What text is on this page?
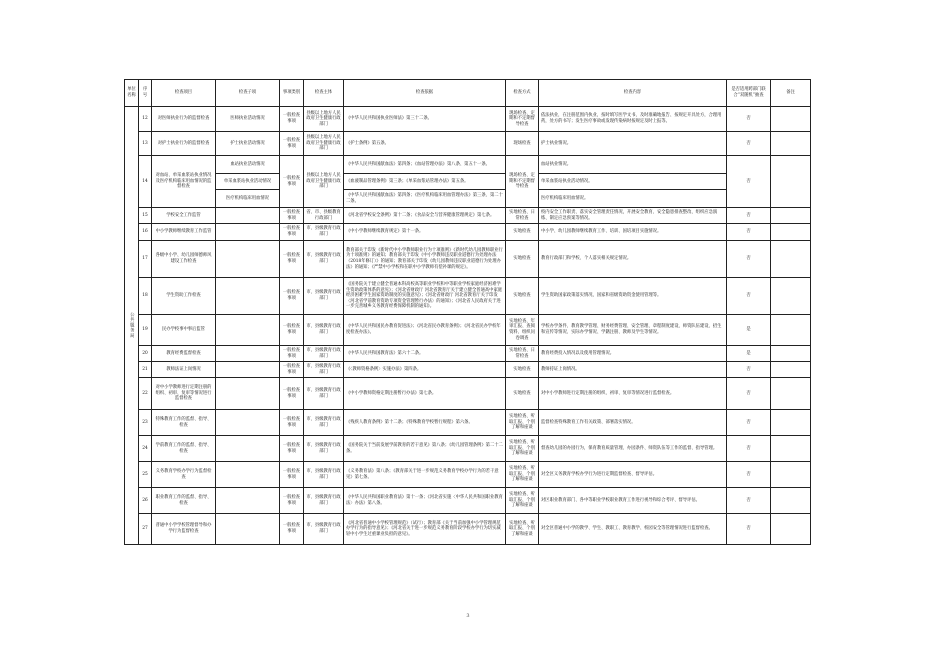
单位名称	序号	检查项目	检查子项	事项类别	检查主体	检查依据	检查方式	检查内容	是否适用跨部门联合“双随机”抽查	备注
公共服务局	12	对医师执业行为的监督检查	医师执业活动情况	一般检查事项	县级以上地方人民政府卫生健康行政部门	《中华人民共和国执业医师法》第三十二条。	现场检查、定期和不定期督导检查	依法执业，在注册范围内执业，按时填写医学文书，及时准确地报告、按规定开具处方，合理用药，处方的书写；发生医疗事故或发现传染病时按规定及时上报等。	否	
	13	对护士执业行为的监督检查	护士执业活动情况	一般检查事项	县级以上地方人民政府卫生健康行政部门	《护士条例》第五条。	现场检查	护士执业情况。	否	
	14	对血站、单采血浆站执业情况及医疗机构临床用血情况的监督检查	血站执业活动情况	一般检查事项	县级以上地方人民政府卫生健康行政部门	《中华人民共和国献血法》第四条；《血站管理办法》第八条、第五十一条。	现场检查、定期和不定期督导检查	血站执业情况。	否	
			单采血浆站执业活动情况			《血液制品管理条例》第三条；《单采血浆站管理办法》第五条。		单采血浆站执业活动情况。		
			医疗机构临床用血情况			《中华人民共和国献血法》第四条；《医疗机构临床用血管理办法》第三条、第二十二条。		医疗机构临床用血情况。		
	15	学校安全工作监管		一般检查事项	省、市、县级教育行政部门	《河北省学校安全条例》第十二条；《食品安全与营养健康管理规定》第七条。	实地检查、日常检查	校内安全工作职责、落实安全管理责任情况，开展安全教育、安全隐患排查整改、组织应急演练、制定应急预案等情况。	否	
	16	中小学教师继续教育工作监管		一般检查事项	市、县级教育行政部门	《中小学教师继续教育规定》第十一条。	实地检查	中小学、幼儿园教师继续教育工作、培训、国培项目实施情况。	否	
	17	各级中小学、幼儿园师德师风建设工作检查		一般检查事项	市、县级教育行政部门	教育部关于印发《新时代中小学教师职业行为十项准则》《新时代幼儿园教师职业行为十项准则》的通知；教育部关于印发《中小学教师违反职业道德行为处理办法（2018年修订）》的通知；教育部关于印发《幼儿园教师违反职业道德行为处理办法》的通知；《严禁中小学校和在职中小学教师有偿补课的规定》。	实地检查	教育行政部门和学校、个人落实相关规定情况。	否	
	18	学生资助工作检查		一般检查事项	市、县级教育行政部门	《国务院关于建立健全普通本科高校高等职业学校和中等职业学校家庭经济困难学生资助政策体系的意见》；《河北省财政厅 河北省教育厅关于建立健全普通高中家庭经济困难学生国家资助制度的实施意见》；《河北省财政厅 河北省教育厅关于印发〈河北省学前教育资助专项资金管理暂行办法〉的通知》；《河北省人民政府关于进一步完善城乡义务教育经费保障机制的通知》。	实地检查	学生资助国家政策落实情况，国家和省级资助资金使用管理等。	否	
	19	民办学校事中事后监管		一般检查事项	市、县级教育行政部门	《中华人民共和国民办教育促进法》；《河北省民办教育条例》；《河北省民办学校年度检查办法》。	实地检查、年审汇报、查阅资料、组织问卷调查	学校办学条件、教育教学管理、财务经费管理、安全管理、章程制度建设、师资队伍建设、招生和宣传等情况、实际办学情况、学籍注册、教师及学生等情况。	是	
	20	教育经费监督检查		一般检查事项	市、县级教育行政部门	《中华人民共和国教育法》第六十二条。	实地检查、日常检查	教育经费投入情况以及使用管理情况。	是	
	21	教师法证上岗情况		一般检查事项	市、县级教育行政部门	《〈教师资格条例〉实施办法》第四条。	实地检查	教师持证上岗情况。	否	
	22	对中小学教师进行定期注册的组织、初审、复审等情况进行监督检查		一般检查事项	市、县级教育行政部门	《中小学教师资格定期注册暂行办法》第七条。	实地检查	对中小学教师进行定期注册的组织、初审、复审等情况进行监督检查。	否	
	23	特殊教育工作的监督、指导、检查		一般检查事项	市、县级教育行政部门	《残疾人教育条例》第十二条；《特殊教育学校暂行规程》第六条。	实地检查、听取汇报、个别了解和座谈	监督检查特殊教育工作有关政策、部署落实情况。	否	
	24	学前教育工作的监督、指导、检查		一般检查事项	市、县级教育行政部门	《国务院关于当前发展学前教育的若干意见》第八条；《幼儿园管理条例》第二十二条。	实地检查、听取汇报、个别了解和座谈	督查幼儿园的办园行为，保育教育质量管理、办园条件、师资队伍等工作的监督、指导管理。	否	
	25	义务教育学校办学行为监督检查		一般检查事项	市、县级教育行政部门	《义务教育法》第八条；《教育部关于进一步规范义务教育学校办学行为的若干意见》第七条。	实地检查、听取汇报、个别了解和座谈	对全区义务教育学校办学行为进行定期监督检查、督导评估。	否	
	26	职业教育工作的监督、指导、检查		一般检查事项	市、县级教育行政部门	《中华人民共和国职业教育法》第十一条；《河北省实施〈中华人民共和国职业教育法〉办法》第八条。	实地检查、听取汇报、个别了解和座谈	对区职业教育部门、各中等职业学校职业教育工作进行视导和综合考评、督导评估。	否	
	27	普通中小学学校管理督导和办学行为监督检查		一般检查事项	市、县级教育行政部门	《河北省普通中小学校管理规范》（试行）；教育部《关于当前加强中小学管理规范办学行为的指导意见》；《河北省关于进一步规范义务教育阶段学校办学行为切实减轻中小学生过重课业负担的意见》。	实地检查、听取汇报、个别了解和座谈	对全区普通中小学的教学、学生、教职工、教育教学、校园安全等管理情况进行监督检查。	否	
3
